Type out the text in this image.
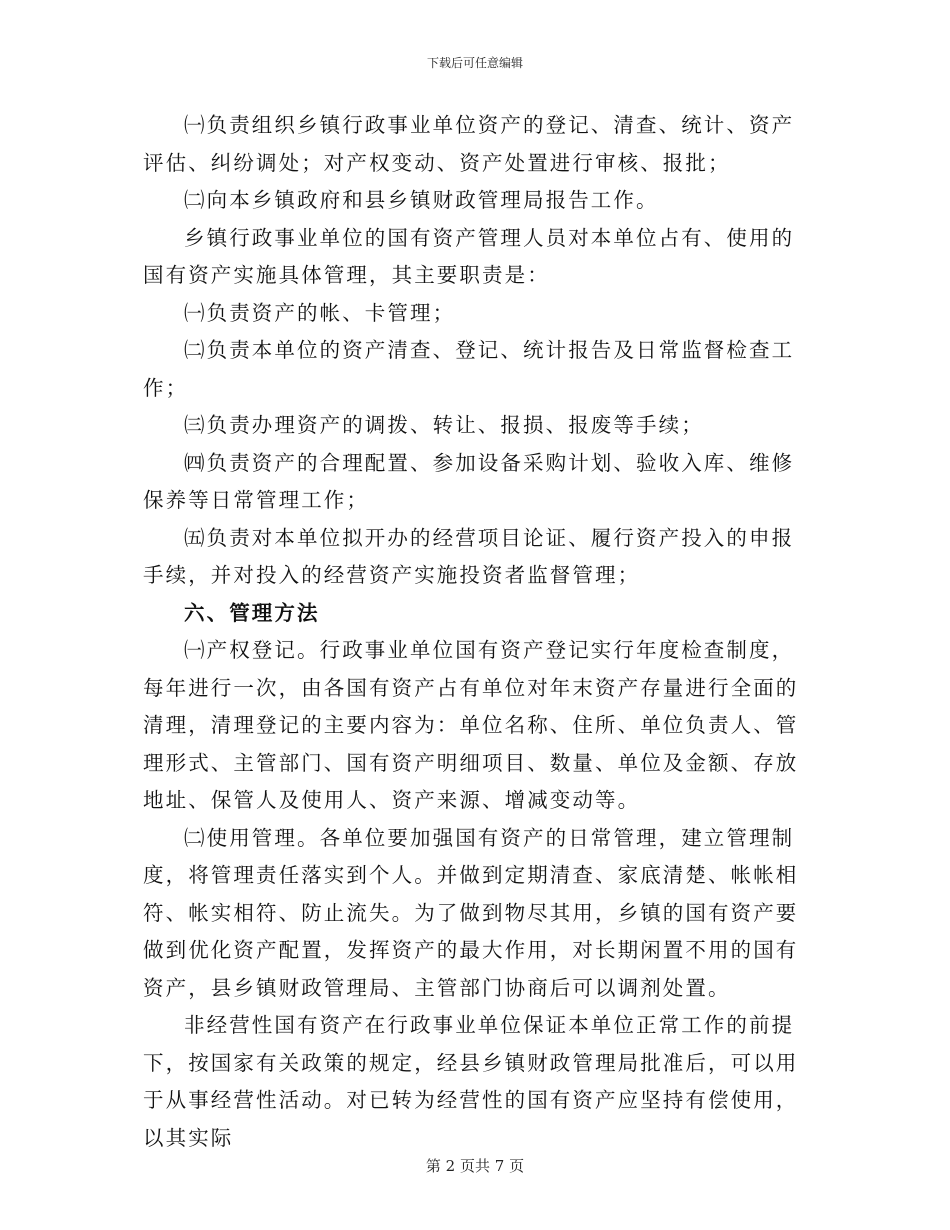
下载后可任意编辑

㈠负责组织乡镇行政事业单位资产的登记、清查、统计、资产评估、纠纷调处；对产权变动、资产处置进行审核、报批；

㈡向本乡镇政府和县乡镇财政管理局报告工作。

乡镇行政事业单位的国有资产管理人员对本单位占有、使用的国有资产实施具体管理，其主要职责是：

㈠负责资产的帐、卡管理；

㈡负责本单位的资产清查、登记、统计报告及日常监督检查工作；

㈢负责办理资产的调拨、转让、报损、报废等手续；

㈣负责资产的合理配置、参加设备采购计划、验收入库、维修保养等日常管理工作；

㈤负责对本单位拟开办的经营项目论证、履行资产投入的申报手续，并对投入的经营资产实施投资者监督管理；

六、管理方法

㈠产权登记。行政事业单位国有资产登记实行年度检查制度，每年进行一次，由各国有资产占有单位对年末资产存量进行全面的清理，清理登记的主要内容为：单位名称、住所、单位负责人、管理形式、主管部门、国有资产明细项目、数量、单位及金额、存放地址、保管人及使用人、资产来源、增减变动等。

㈡使用管理。各单位要加强国有资产的日常管理，建立管理制度，将管理责任落实到个人。并做到定期清查、家底清楚、帐帐相符、帐实相符、防止流失。为了做到物尽其用，乡镇的国有资产要做到优化资产配置，发挥资产的最大作用，对长期闲置不用的国有资产，县乡镇财政管理局、主管部门协商后可以调剂处置。

非经营性国有资产在行政事业单位保证本单位正常工作的前提下，按国家有关政策的规定，经县乡镇财政管理局批准后，可以用于从事经营性活动。对已转为经营性的国有资产应坚持有偿使用，以其实际

第 2 页共 7 页
